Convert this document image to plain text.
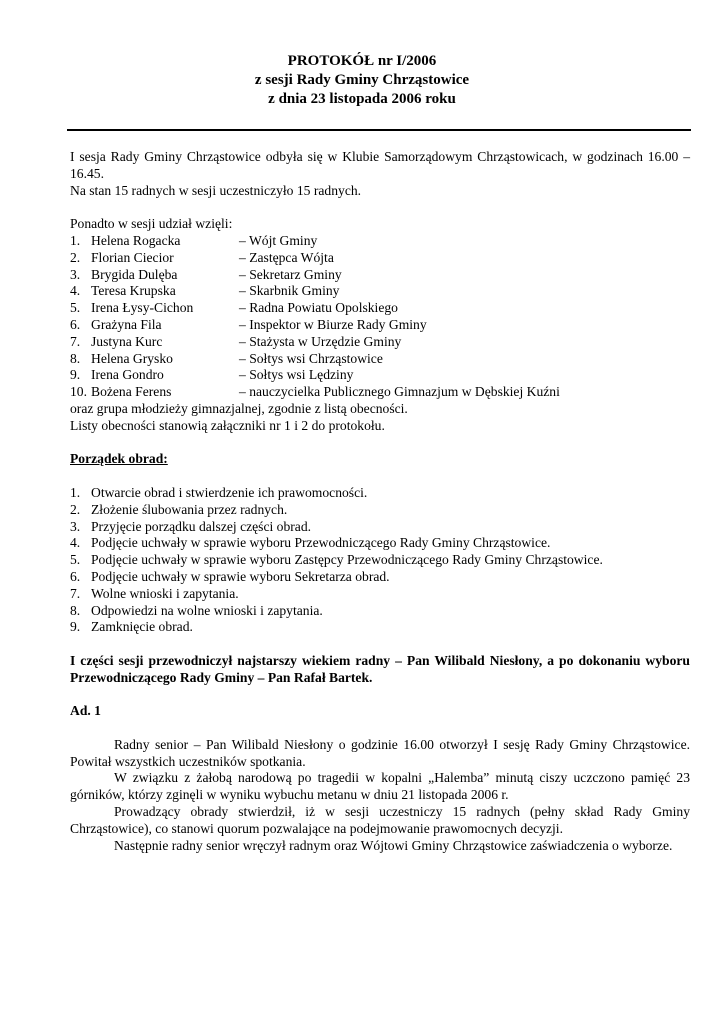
PROTOKÓŁ nr I/2006
z sesji Rady Gminy Chrząstowice
z dnia 23 listopada 2006 roku
I sesja Rady Gminy Chrząstowice odbyła się w Klubie Samorządowym Chrząstowicach, w godzinach 16.00 – 16.45.
Na stan 15 radnych w sesji uczestniczyło 15 radnych.
Ponadto w sesji udział wzięli:
1. Helena Rogacka	– Wójt Gminy
2. Florian Ciecior	– Zastępca Wójta
3. Brygida Dulęba	– Sekretarz Gminy
4. Teresa Krupska	– Skarbnik Gminy
5. Irena Łysy-Cichon	– Radna Powiatu Opolskiego
6. Grażyna Fila	– Inspektor w Biurze Rady Gminy
7. Justyna Kurc	– Stażysta w Urzędzie Gminy
8. Helena Grysko	– Sołtys wsi Chrząstowice
9. Irena Gondro	– Sołtys wsi Lędziny
10. Bożena Ferens	– nauczycielka Publicznego Gimnazjum w Dębskiej Kuźni
oraz grupa młodzieży gimnazjalnej, zgodnie z listą obecności.
Listy obecności stanowią załączniki nr 1 i 2 do protokołu.
Porządek obrad:
1. Otwarcie obrad i stwierdzenie ich prawomocności.
2. Złożenie ślubowania przez radnych.
3. Przyjęcie porządku dalszej części obrad.
4. Podjęcie uchwały w sprawie wyboru Przewodniczącego Rady Gminy Chrząstowice.
5. Podjęcie uchwały w sprawie wyboru Zastępcy Przewodniczącego Rady Gminy Chrząstowice.
6. Podjęcie uchwały w sprawie wyboru Sekretarza obrad.
7. Wolne wnioski i zapytania.
8. Odpowiedzi na wolne wnioski i zapytania.
9. Zamknięcie obrad.
I części sesji przewodniczył najstarszy wiekiem radny – Pan Wilibald Niesłony, a po dokonaniu wyboru Przewodniczącego Rady Gminy – Pan Rafał Bartek.
Ad. 1
Radny senior – Pan Wilibald Niesłony o godzinie 16.00 otworzył I sesję Rady Gminy Chrząstowice. Powitał wszystkich uczestników spotkania.
W związku z żałobą narodową po tragedii w kopalni „Halemba” minutą ciszy uczczono pamięć 23 górników, którzy zginęli w wyniku wybuchu metanu w dniu 21 listopada 2006 r.
Prowadzący obrady stwierdził, iż w sesji uczestniczy 15 radnych (pełny skład Rady Gminy Chrząstowice), co stanowi quorum pozwalające na podejmowanie prawomocnych decyzji.
Następnie radny senior wręczył radnym oraz Wójtowi Gminy Chrząstowice zaświadczenia o wyborze.
